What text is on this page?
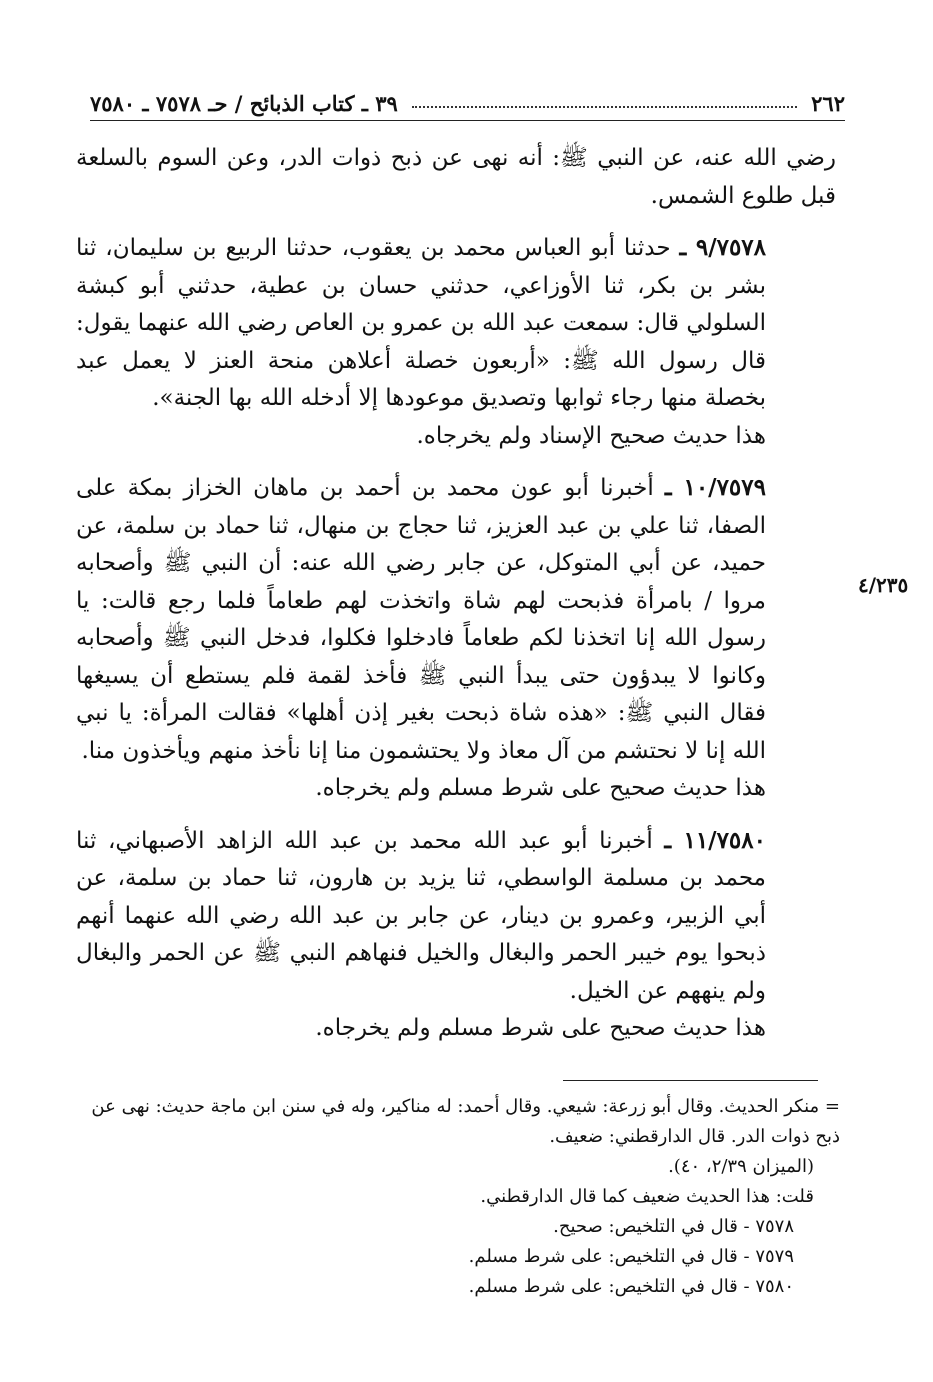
٢٦٢
٣٩ ـ كتاب الذبائح / حـ ٧٥٧٨ ـ ٧٥٨٠
٤/٢٣٥

رضي الله عنه، عن النبي ﷺ: أنه نهى عن ذبح ذوات الدر، وعن السوم بالسلعة قبل طلوع الشمس.

٩/٧٥٧٨ ـ حدثنا أبو العباس محمد بن يعقوب، حدثنا الربيع بن سليمان، ثنا بشر بن بكر، ثنا الأوزاعي، حدثني حسان بن عطية، حدثني أبو كبشة السلولي قال: سمعت عبد الله بن عمرو بن العاص رضي الله عنهما يقول: قال رسول الله ﷺ: «أربعون خصلة أعلاهن منحة العنز لا يعمل عبد بخصلة منها رجاء ثوابها وتصديق موعودها إلا أدخله الله بها الجنة».

هذا حديث صحيح الإسناد ولم يخرجاه.

١٠/٧٥٧٩ ـ أخبرنا أبو عون محمد بن أحمد بن ماهان الخزاز بمكة على الصفا، ثنا علي بن عبد العزيز، ثنا حجاج بن منهال، ثنا حماد بن سلمة، عن حميد، عن أبي المتوكل، عن جابر رضي الله عنه: أن النبي ﷺ وأصحابه مروا / بامرأة فذبحت لهم شاة واتخذت لهم طعاماً فلما رجع قالت: يا رسول الله إنا اتخذنا لكم طعاماً فادخلوا فكلوا، فدخل النبي ﷺ وأصحابه وكانوا لا يبدؤون حتى يبدأ النبي ﷺ فأخذ لقمة فلم يستطع أن يسيغها فقال النبي ﷺ: «هذه شاة ذبحت بغير إذن أهلها» فقالت المرأة: يا نبي الله إنا لا نحتشم من آل معاذ ولا يحتشمون منا إنا نأخذ منهم ويأخذون منا.

هذا حديث صحيح على شرط مسلم ولم يخرجاه.

١١/٧٥٨٠ ـ أخبرنا أبو عبد الله محمد بن عبد الله الزاهد الأصبهاني، ثنا محمد بن مسلمة الواسطي، ثنا يزيد بن هارون، ثنا حماد بن سلمة، عن أبي الزبير، وعمرو بن دينار، عن جابر بن عبد الله رضي الله عنهما أنهم ذبحوا يوم خيبر الحمر والبغال والخيل فنهاهم النبي ﷺ عن الحمر والبغال ولم ينههم عن الخيل.

هذا حديث صحيح على شرط مسلم ولم يخرجاه.

= منكر الحديث. وقال أبو زرعة: شيعي. وقال أحمد: له مناكير، وله في سنن ابن ماجة حديث: نهى عن ذبح ذوات الدر. قال الدارقطني: ضعيف.

(الميزان ٢/٣٩، ٤٠).

قلت: هذا الحديث ضعيف كما قال الدارقطني.

٧٥٧٨ - قال في التلخيص: صحيح.

٧٥٧٩ - قال في التلخيص: على شرط مسلم.

٧٥٨٠ - قال في التلخيص: على شرط مسلم.
